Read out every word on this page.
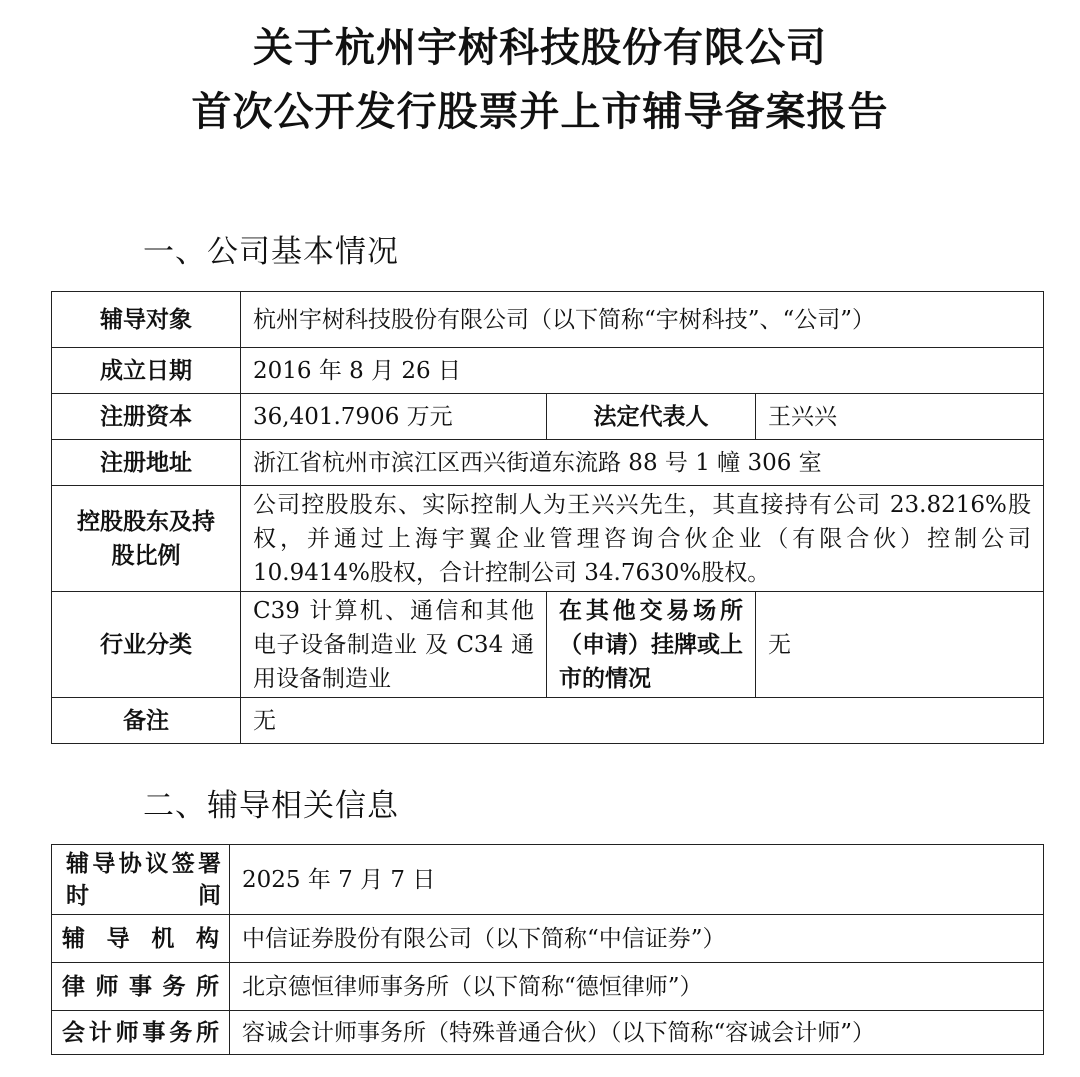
关于杭州宇树科技股份有限公司
首次公开发行股票并上市辅导备案报告
一、公司基本情况
辅导对象	杭州宇树科技股份有限公司（以下简称“宇树科技”、“公司”）		
成立日期	2016 年 8 月 26 日		
注册资本	36,401.7906 万元	法定代表人	王兴兴
注册地址	浙江省杭州市滨江区西兴街道东流路 88 号 1 幢 306 室		
控股股东及持股比例	公司控股股东、实际控制人为王兴兴先生，其直接持有公司 23.8216%股权，并通过上海宇翼企业管理咨询合伙企业（有限合伙）控制公司 10.9414%股权，合计控制公司 34.7630%股权。		
行业分类	C39 计算机、通信和其他电子设备制造业 及 C34 通用设备制造业	在其他交易场所（申请）挂牌或上市的情况	无
备注	无		
二、辅导相关信息
辅导协议签署时间	2025 年 7 月 7 日
辅导机构	中信证券股份有限公司（以下简称“中信证券”）
律师事务所	北京德恒律师事务所（以下简称“德恒律师”）
会计师事务所	容诚会计师事务所（特殊普通合伙）（以下简称“容诚会计师”）
